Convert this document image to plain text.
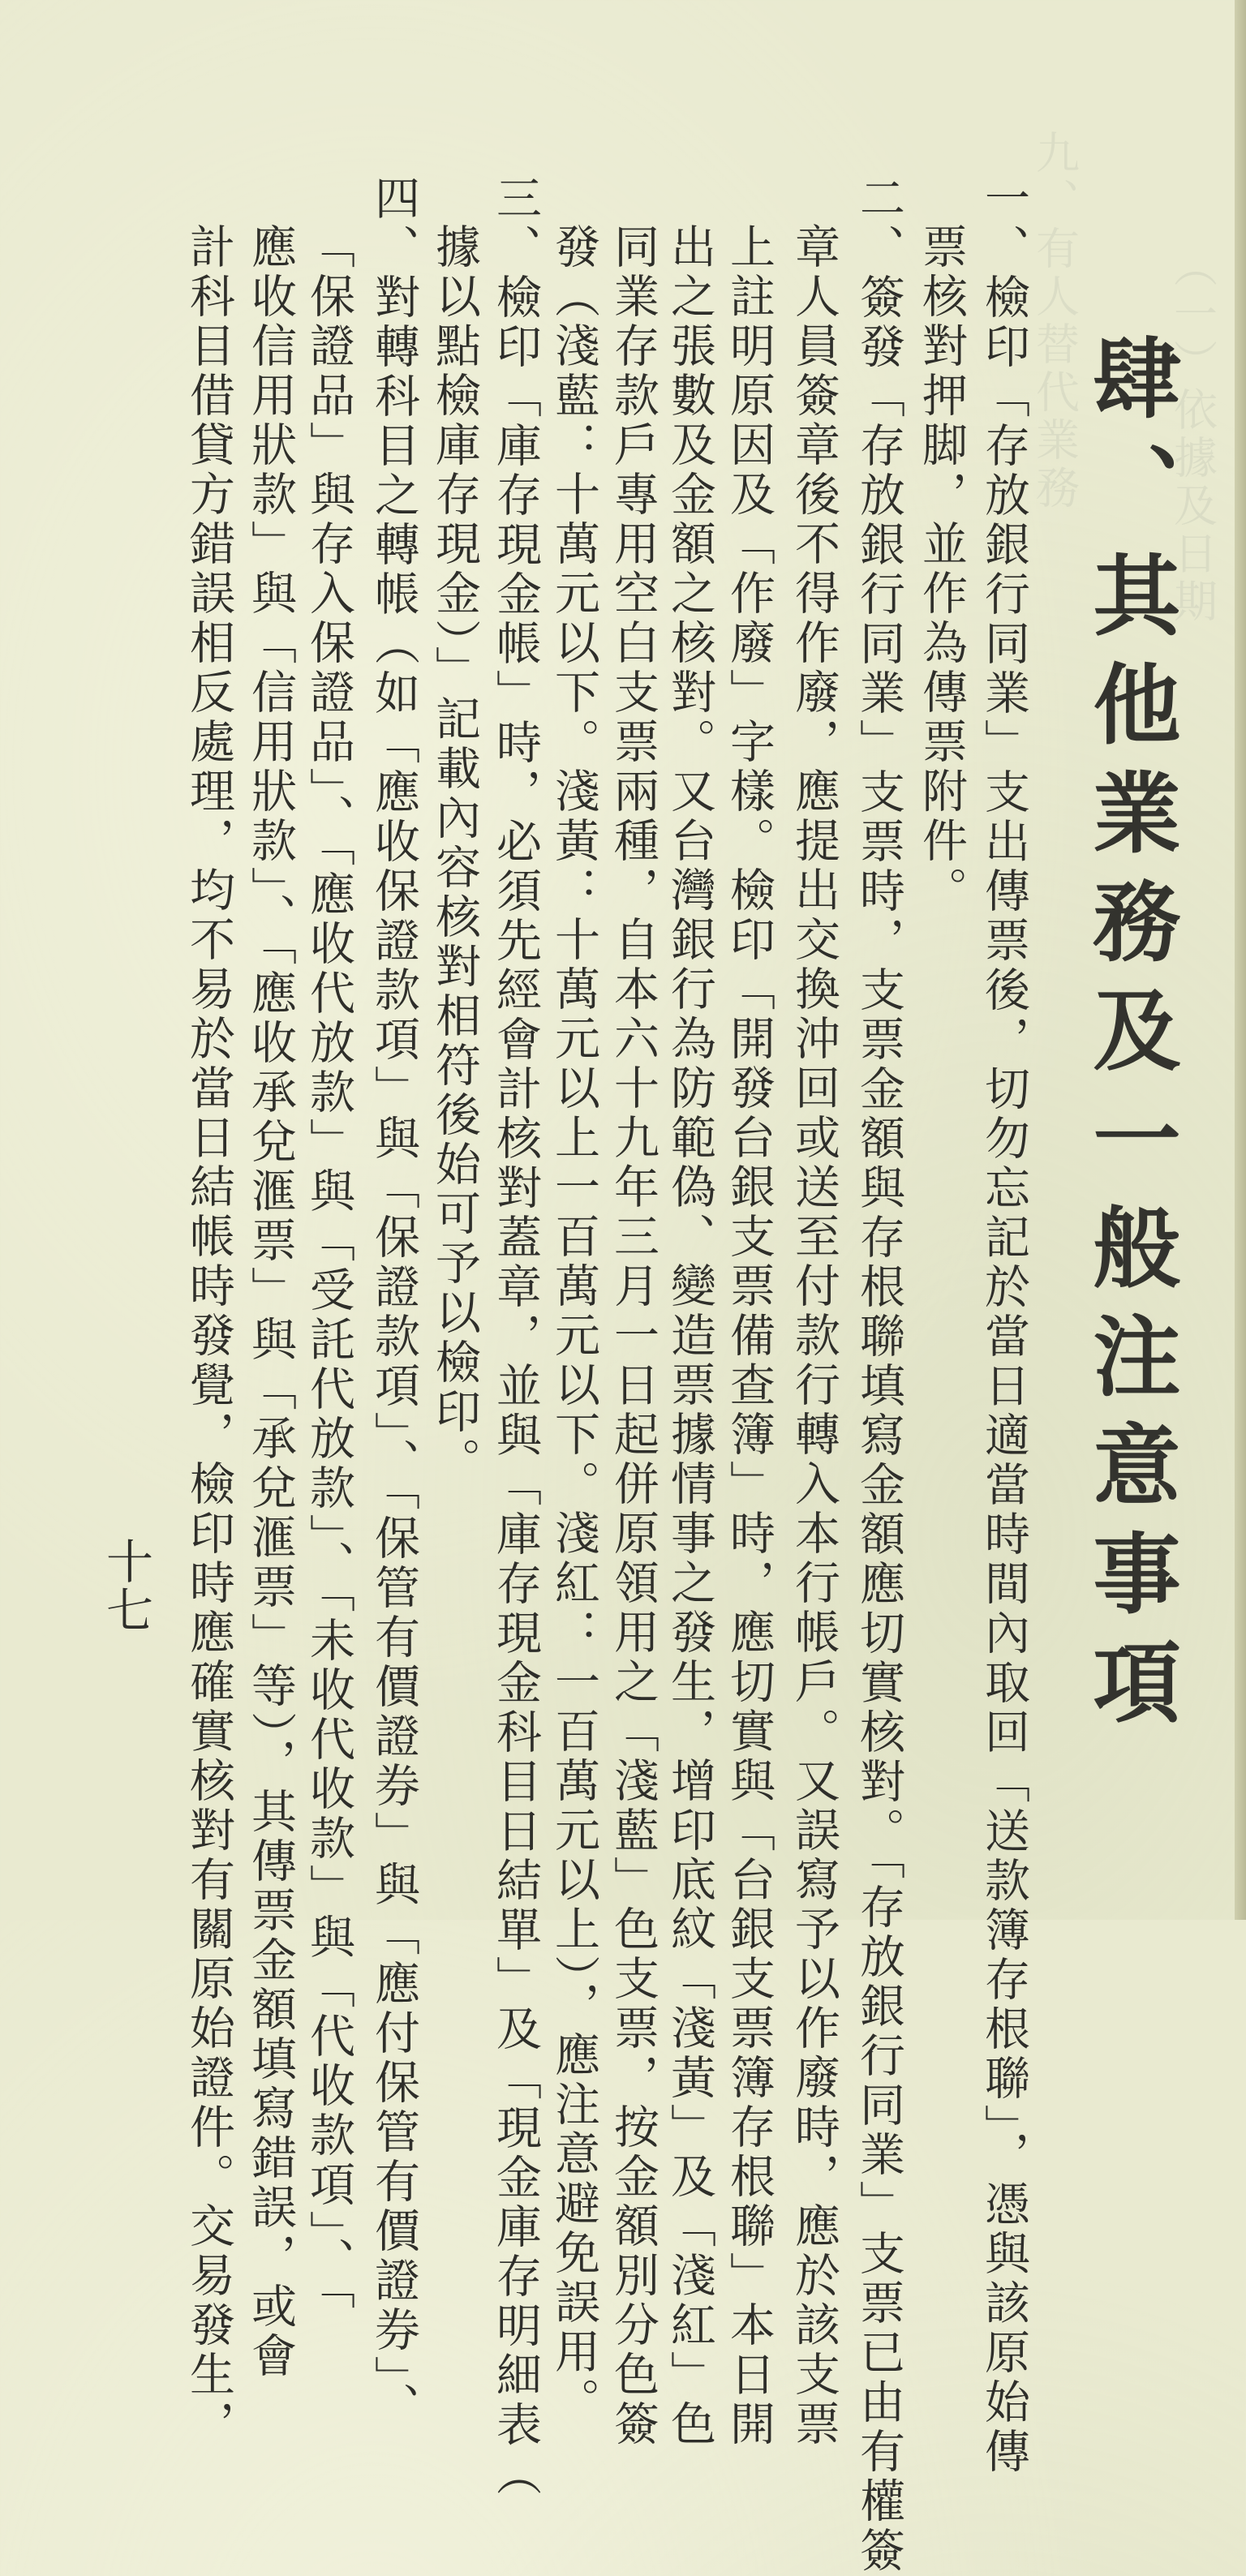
（一）依據及日期
九、有人替代業務
肆、其他業務及一般注意事項
一、檢印「存放銀行同業」支出傳票後，切勿忘記於當日適當時間內取回「送款簿存根聯」，憑與該原始傳
票核對押脚，並作為傳票附件。
二、簽發「存放銀行同業」支票時，支票金額與存根聯填寫金額應切實核對。「存放銀行同業」支票已由有權簽
章人員簽章後不得作廢，應提出交換沖回或送至付款行轉入本行帳戶。又誤寫予以作廢時，應於該支票
上註明原因及「作廢」字樣。檢印「開發台銀支票備查簿」時，應切實與「台銀支票簿存根聯」本日開
出之張數及金額之核對。又台灣銀行為防範偽、變造票據情事之發生，增印底紋「淺黃」及「淺紅」色
同業存款戶專用空白支票兩種，自本六十九年三月一日起併原領用之「淺藍」色支票，按金額別分色簽
發（淺藍：十萬元以下。淺黃：十萬元以上一百萬元以下。淺紅：一百萬元以上），應注意避免誤用。
三、檢印「庫存現金帳」時，必須先經會計核對蓋章，並與「庫存現金科目日結單」及「現金庫存明細表（
據以點檢庫存現金）」記載內容核對相符後始可予以檢印。
四、對轉科目之轉帳（如「應收保證款項」與「保證款項」、「保管有價證券」與「應付保管有價證券」、
「保證品」與存入保證品」、「應收代放款」與「受託代放款」、「未收代收款」與「代收款項」、「
應收信用狀款」與「信用狀款」、「應收承兌滙票」與「承兌滙票」等），其傳票金額填寫錯誤，或會
計科目借貸方錯誤相反處理，均不易於當日結帳時發覺，檢印時應確實核對有關原始證件。交易發生，
十七
